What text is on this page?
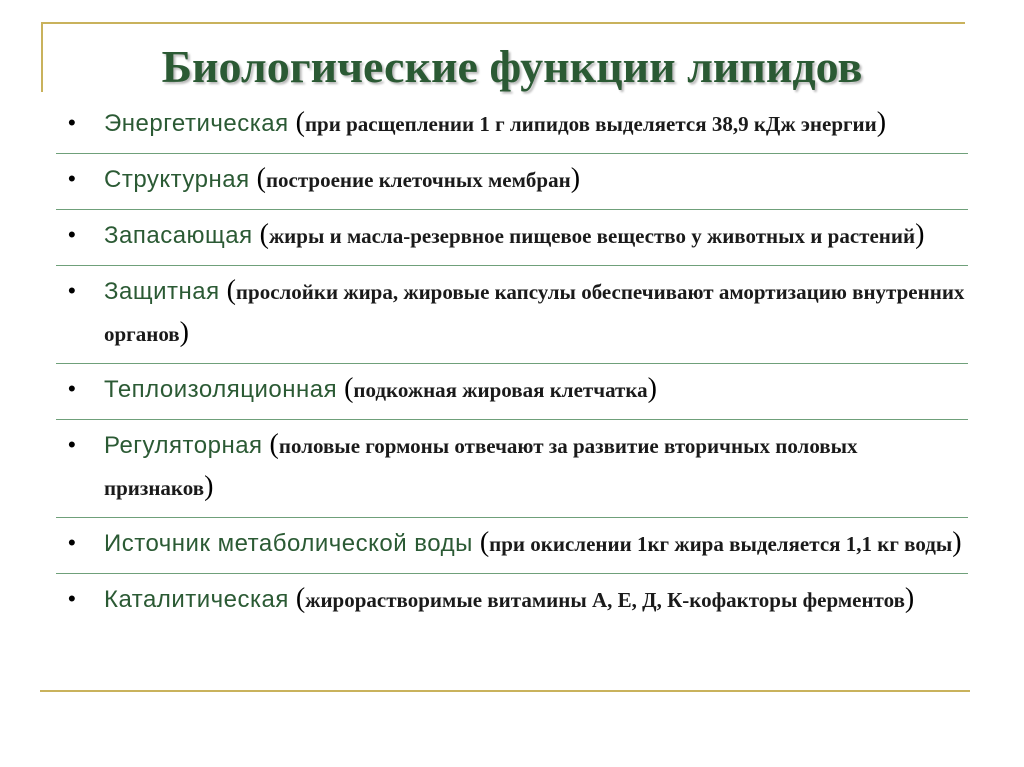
Биологические функции липидов
• Энергетическая (при расщеплении 1 г липидов выделяется 38,9 кДж энергии)
• Структурная (построение клеточных мембран)
• Запасающая (жиры и масла-резервное пищевое вещество у животных и растений)
• Защитная (прослойки жира, жировые капсулы обеспечивают амортизацию внутренних органов)
• Теплоизоляционная (подкожная жировая клетчатка)
• Регуляторная (половые гормоны отвечают за развитие вторичных половых признаков)
• Источник метаболической воды (при окислении 1кг жира выделяется 1,1 кг воды)
• Каталитическая (жирорастворимые витамины А, Е, Д, К-кофакторы ферментов)
